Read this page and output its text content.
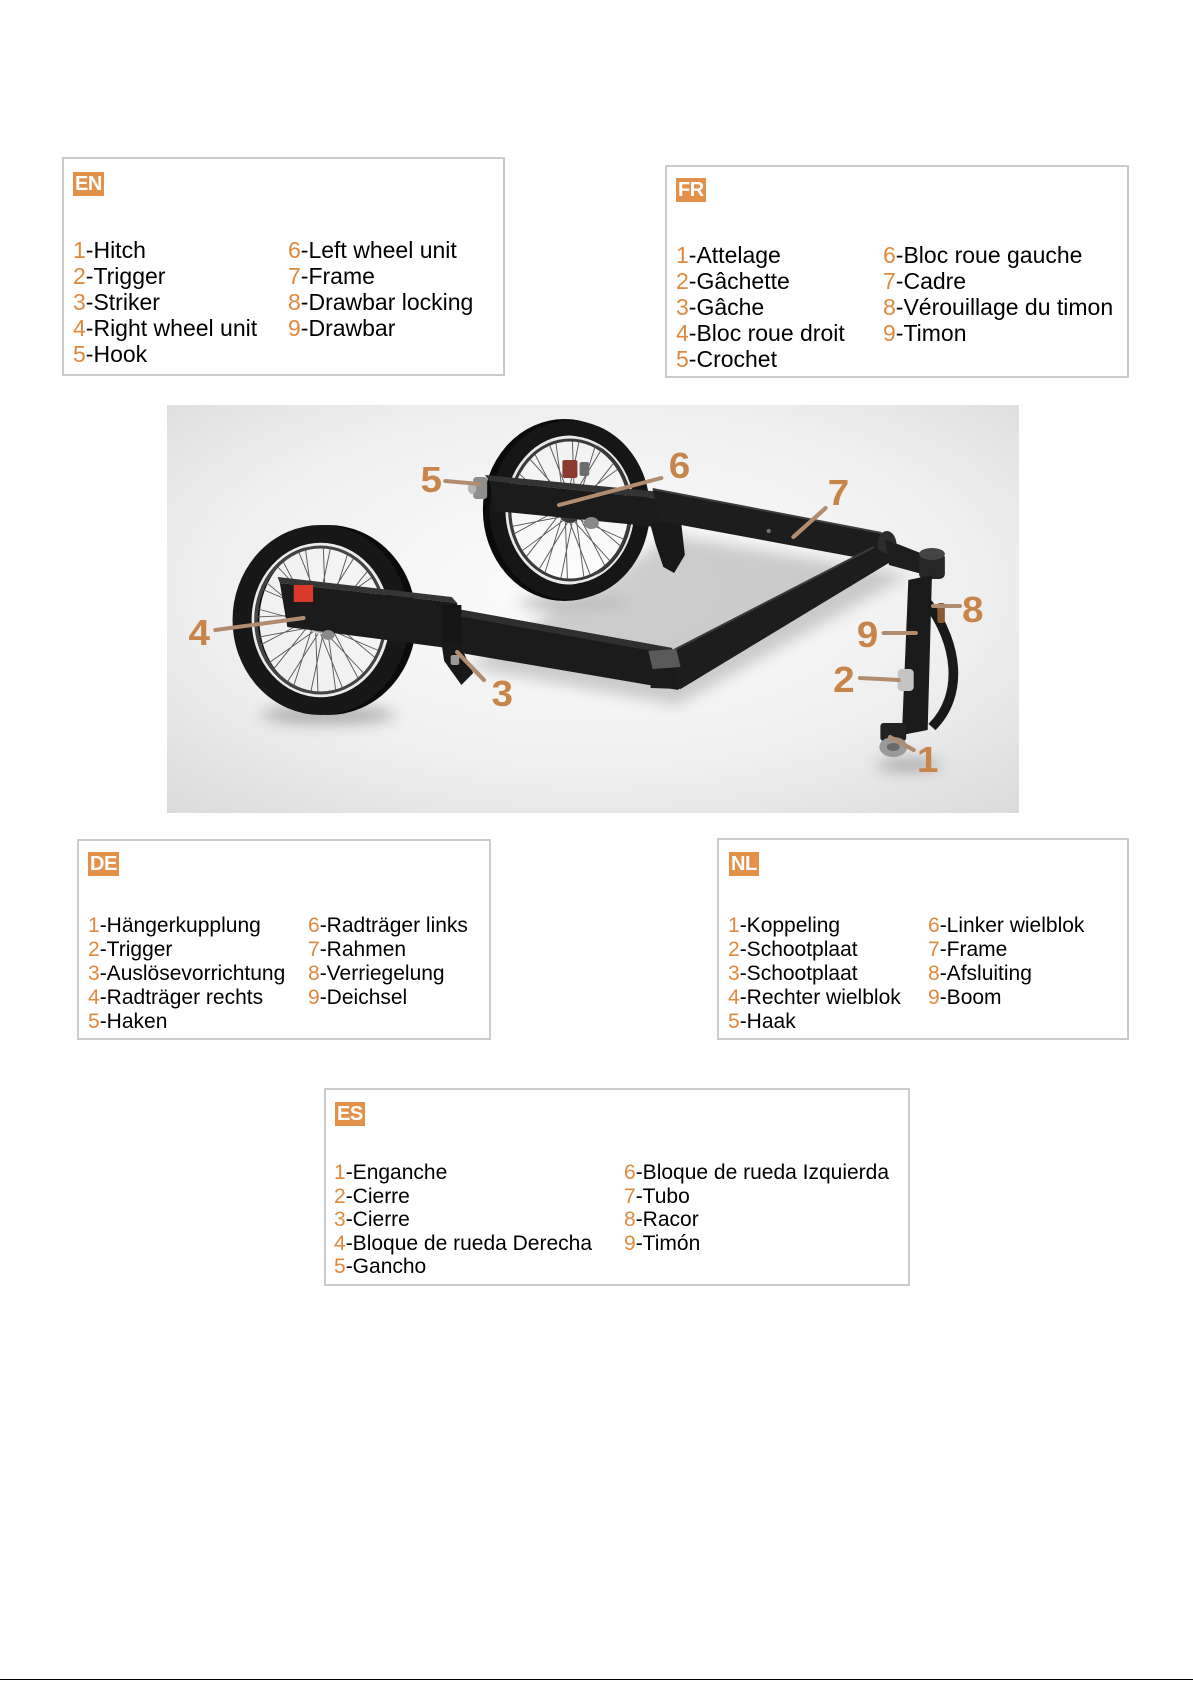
EN
1-Hitch
2-Trigger
3-Striker
4-Right wheel unit
5-Hook
6-Left wheel unit
7-Frame
8-Drawbar locking
9-Drawbar
FR
1-Attelage
2-Gâchette
3-Gâche
4-Bloc roue droit
5-Crochet
6-Bloc roue gauche
7-Cadre
8-Vérouillage du timon
9-Timon
1
2
3
4
5	6
7
8
9
DE
1-Hängerkupplung
2-Trigger
3-Auslösevorrichtung
4-Radträger rechts
5-Haken
6-Radträger links
7-Rahmen
8-Verriegelung
9-Deichsel
NL
1-Koppeling
2-Schootplaat
3-Schootplaat
4-Rechter wielblok
5-Haak
6-Linker wielblok
7-Frame
8-Afsluiting
9-Boom
ES
1-Enganche
2-Cierre
3-Cierre
4-Bloque de rueda Derecha
5-Gancho
6-Bloque de rueda Izquierda
7-Tubo
8-Racor
9-Timón
